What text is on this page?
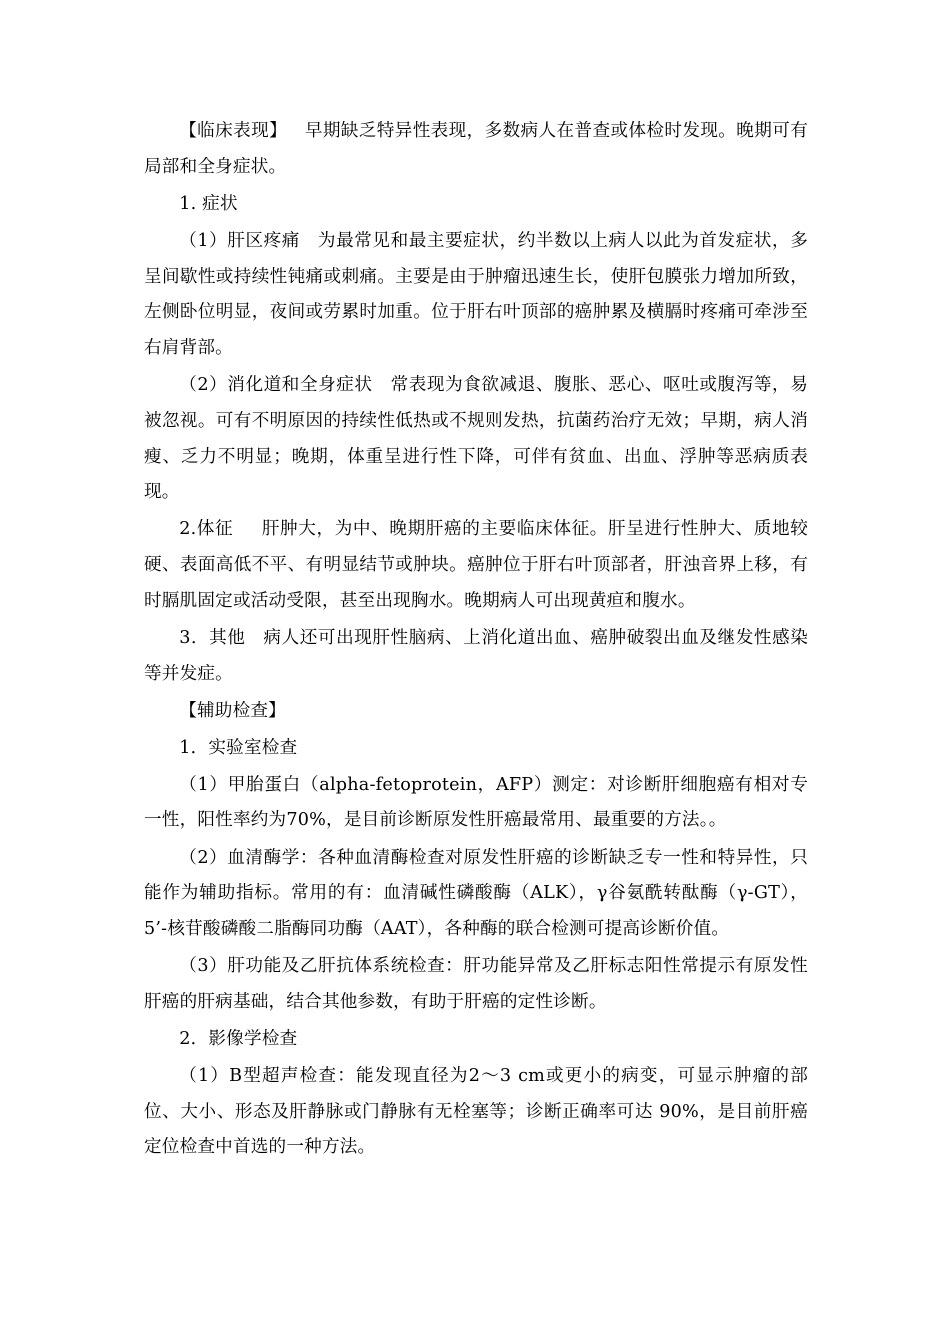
【临床表现】 早期缺乏特异性表现，多数病人在普查或体检时发现。晚期可有局部和全身症状。

1. 症状

（1）肝区疼痛 为最常见和最主要症状，约半数以上病人以此为首发症状，多呈间歇性或持续性钝痛或刺痛。主要是由于肿瘤迅速生长，使肝包膜张力增加所致，左侧卧位明显，夜间或劳累时加重。位于肝右叶顶部的癌肿累及横膈时疼痛可牵涉至右肩背部。

（2）消化道和全身症状 常表现为食欲减退、腹胀、恶心、呕吐或腹泻等，易被忽视。可有不明原因的持续性低热或不规则发热，抗菌药治疗无效；早期，病人消瘦、乏力不明显；晚期，体重呈进行性下降，可伴有贫血、出血、浮肿等恶病质表现。

2.体征 肝肿大，为中、晚期肝癌的主要临床体征。肝呈进行性肿大、质地较硬、表面高低不平、有明显结节或肿块。癌肿位于肝右叶顶部者，肝浊音界上移，有时膈肌固定或活动受限，甚至出现胸水。晚期病人可出现黄疸和腹水。

3．其他 病人还可出现肝性脑病、上消化道出血、癌肿破裂出血及继发性感染等并发症。

【辅助检查】

1．实验室检查

（1）甲胎蛋白（alpha-fetoprotein，AFP）测定：对诊断肝细胞癌有相对专一性，阳性率约为70%，是目前诊断原发性肝癌最常用、最重要的方法。。

（2）血清酶学：各种血清酶检查对原发性肝癌的诊断缺乏专一性和特异性，只能作为辅助指标。常用的有：血清碱性磷酸酶（ALK），γ谷氨酰转酞酶（γ-GT），5’-核苷酸磷酸二脂酶同功酶（AAT），各种酶的联合检测可提高诊断价值。

（3）肝功能及乙肝抗体系统检查：肝功能异常及乙肝标志阳性常提示有原发性肝癌的肝病基础，结合其他参数，有助于肝癌的定性诊断。

2．影像学检查

（1）B型超声检查：能发现直径为2～3 cm或更小的病变，可显示肿瘤的部位、大小、形态及肝静脉或门静脉有无栓塞等；诊断正确率可达 90%，是目前肝癌定位检查中首选的一种方法。
